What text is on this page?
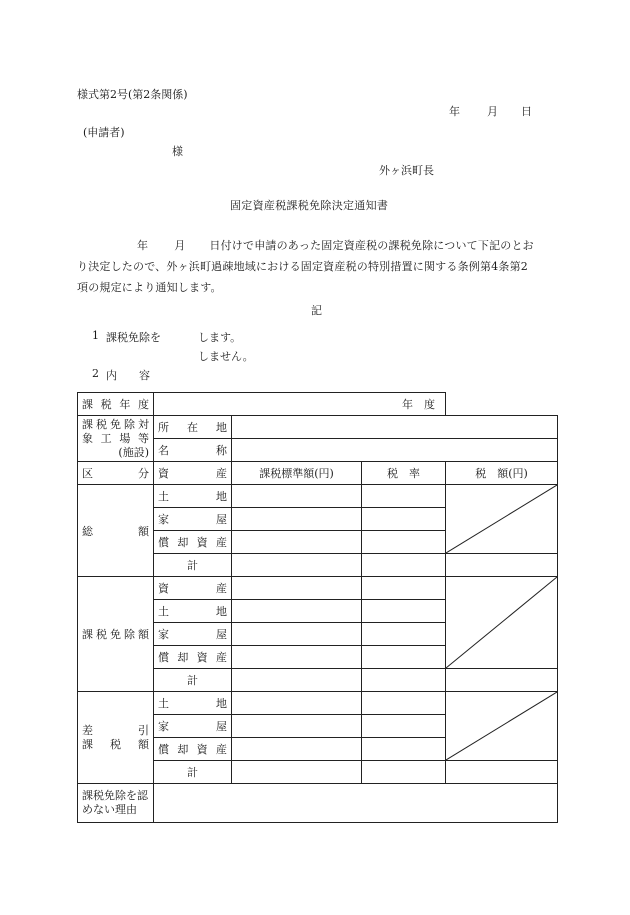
様式第2号(第2条関係)
年 月 日
(申請者)
様
外ヶ浜町長
固定資産税課税免除決定通知書
年 月 日付けで申請のあった固定資産税の課税免除について下記のとお
り決定したので、外ヶ浜町過疎地域における固定資産税の特別措置に関する条例第4条第2
項の規定により通知します。
記
1 課税免除を	します。
しません。
2 内　　容
課税年度	年　度			

課税免除対
象工場等
(施設)	所在地			
	名称			
区分	資産	課税標準額(円)	税　率	税　額(円)
総額	土地			

	家屋			
	償却資産			
	計			
課税免除額	資産			

	土地			
	家屋			
	償却資産			
	計			

差引
課税額	土地			

	家屋			
	償却資産			
	計			
課税免除を認めない理由				
